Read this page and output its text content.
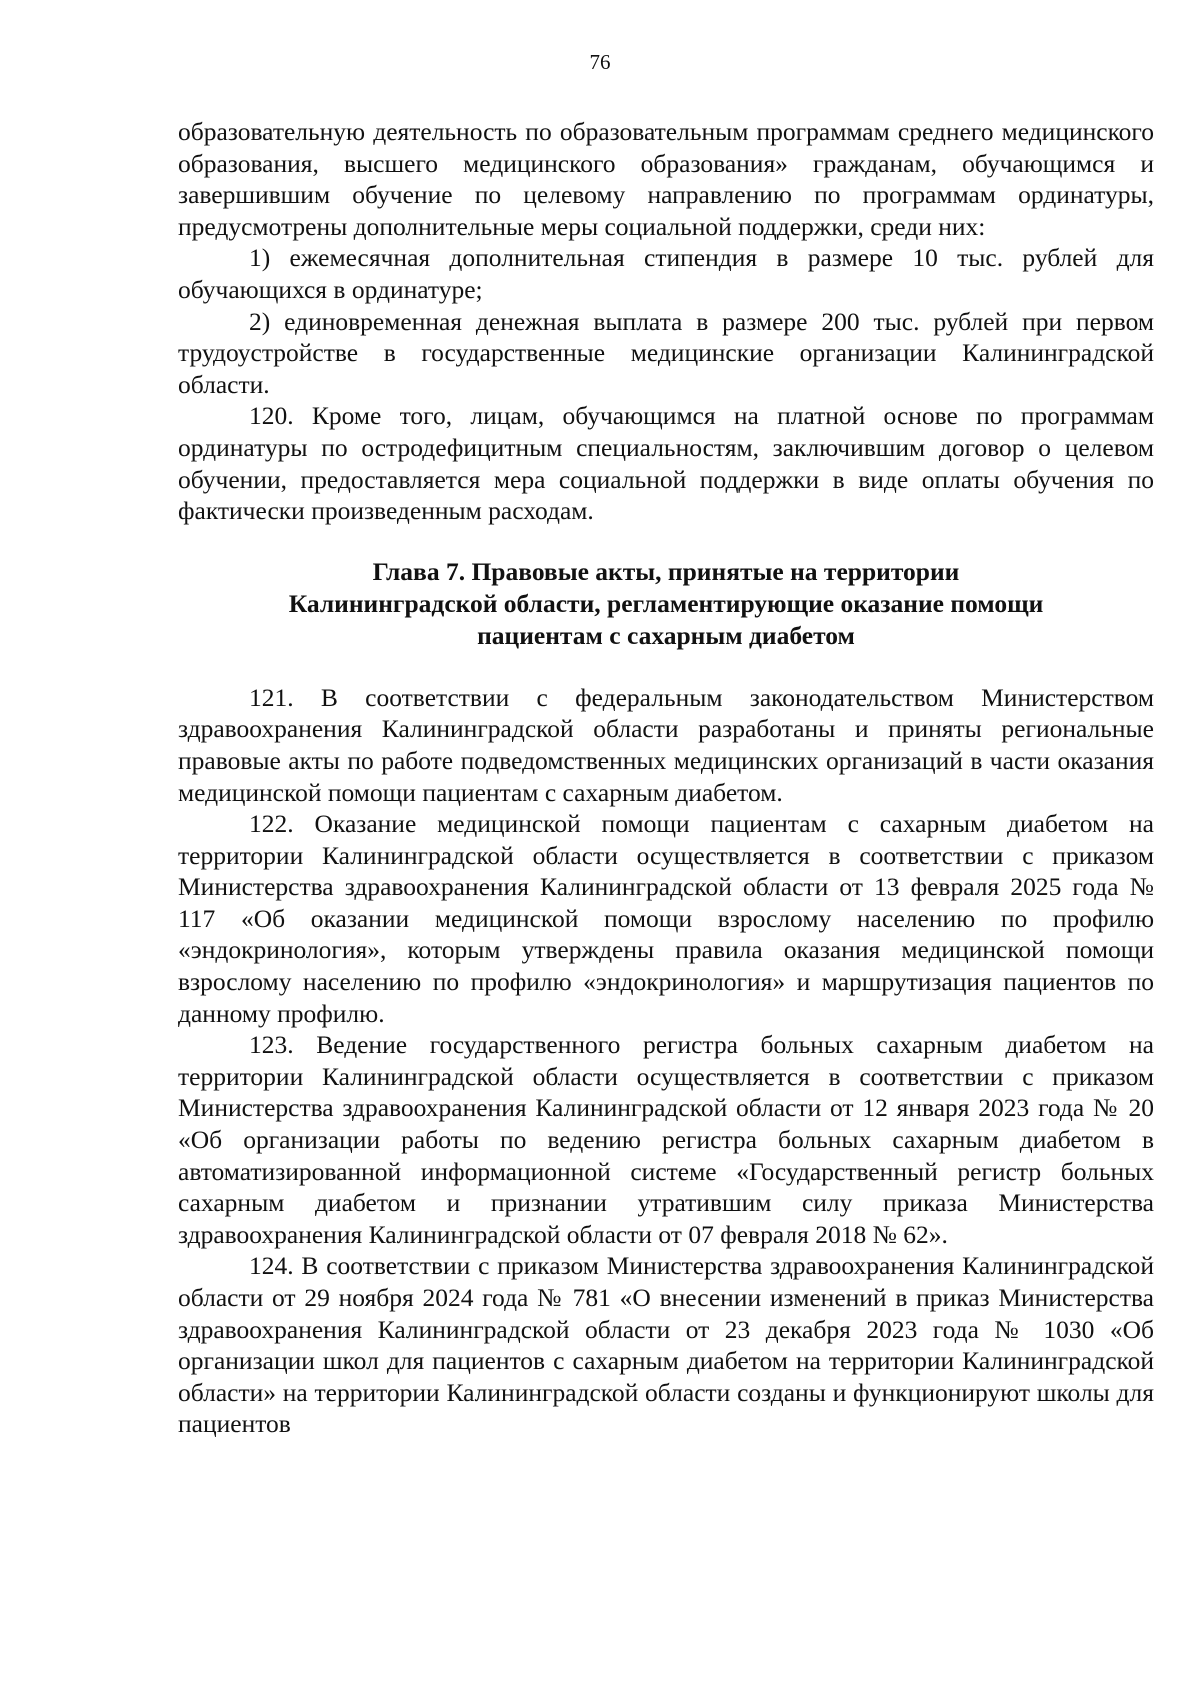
76

образовательную деятельность по образовательным программам среднего медицинского образования, высшего медицинского образования» гражданам, обучающимся и завершившим обучение по целевому направлению по программам ординатуры, предусмотрены дополнительные меры социальной поддержки, среди них:

1) ежемесячная дополнительная стипендия в размере 10 тыс. рублей для обучающихся в ординатуре;

2) единовременная денежная выплата в размере 200 тыс. рублей при первом трудоустройстве в государственные медицинские организации Калининградской области.

120. Кроме того, лицам, обучающимся на платной основе по программам ординатуры по остродефицитным специальностям, заключившим договор о целевом обучении, предоставляется мера социальной поддержки в виде оплаты обучения по фактически произведенным расходам.

Глава 7. Правовые акты, принятые на территории
Калининградской области, регламентирующие оказание помощи
пациентам с сахарным диабетом

121. В соответствии с федеральным законодательством Министерством здравоохранения Калининградской области разработаны и приняты региональные правовые акты по работе подведомственных медицинских организаций в части оказания медицинской помощи пациентам с сахарным диабетом.

122. Оказание медицинской помощи пациентам с сахарным диабетом на территории Калининградской области осуществляется в соответствии с приказом Министерства здравоохранения Калининградской области от 13 февраля 2025 года № 117 «Об оказании медицинской помощи взрослому населению по профилю «эндокринология», которым утверждены правила оказания медицинской помощи взрослому населению по профилю «эндокринология» и маршрутизация пациентов по данному профилю.

123. Ведение государственного регистра больных сахарным диабетом на территории Калининградской области осуществляется в соответствии с приказом Министерства здравоохранения Калининградской области от 12 января 2023 года № 20 «Об организации работы по ведению регистра больных сахарным диабетом в автоматизированной информационной системе «Государственный регистр больных сахарным диабетом и признании утратившим силу приказа Министерства здравоохранения Калининградской области от 07 февраля 2018 № 62».

124. В соответствии с приказом Министерства здравоохранения Калининградской области от 29 ноября 2024 года № 781 «О внесении изменений в приказ Министерства здравоохранения Калининградской области от 23 декабря 2023 года № 1030 «Об организации школ для пациентов с сахарным диабетом на территории Калининградской области» на территории Калининградской области созданы и функционируют школы для пациентов
